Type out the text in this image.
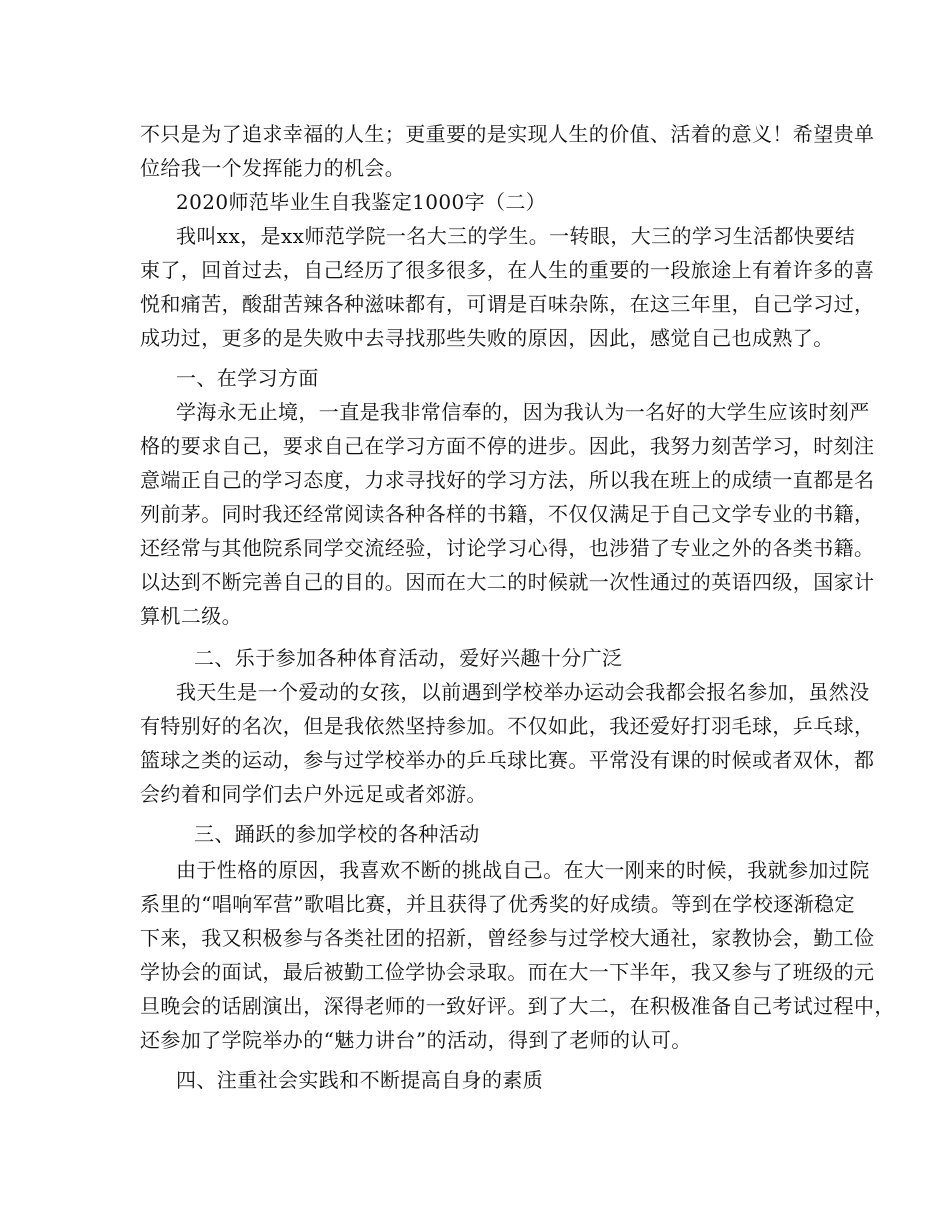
不只是为了追求幸福的人生；更重要的是实现人生的价值、活着的意义！希望贵单
位给我一个发挥能力的机会。
2020师范毕业生自我鉴定1000字（二）
我叫xx，是xx师范学院一名大三的学生。一转眼，大三的学习生活都快要结
束了，回首过去，自己经历了很多很多，在人生的重要的一段旅途上有着许多的喜
悦和痛苦，酸甜苦辣各种滋味都有，可谓是百味杂陈，在这三年里，自己学习过，
成功过，更多的是失败中去寻找那些失败的原因，因此，感觉自己也成熟了。
一、在学习方面
学海永无止境，一直是我非常信奉的，因为我认为一名好的大学生应该时刻严
格的要求自己，要求自己在学习方面不停的进步。因此，我努力刻苦学习，时刻注
意端正自己的学习态度，力求寻找好的学习方法，所以我在班上的成绩一直都是名
列前茅。同时我还经常阅读各种各样的书籍，不仅仅满足于自己文学专业的书籍，
还经常与其他院系同学交流经验，讨论学习心得，也涉猎了专业之外的各类书籍。
以达到不断完善自己的目的。因而在大二的时候就一次性通过的英语四级，国家计
算机二级。
二、乐于参加各种体育活动，爱好兴趣十分广泛
我天生是一个爱动的女孩，以前遇到学校举办运动会我都会报名参加，虽然没
有特别好的名次，但是我依然坚持参加。不仅如此，我还爱好打羽毛球，乒乓球，
篮球之类的运动，参与过学校举办的乒乓球比赛。平常没有课的时候或者双休，都
会约着和同学们去户外远足或者郊游。
三、踊跃的参加学校的各种活动
由于性格的原因，我喜欢不断的挑战自己。在大一刚来的时候，我就参加过院
系里的“唱响军营”歌唱比赛，并且获得了优秀奖的好成绩。等到在学校逐渐稳定
下来，我又积极参与各类社团的招新，曾经参与过学校大通社，家教协会，勤工俭
学协会的面试，最后被勤工俭学协会录取。而在大一下半年，我又参与了班级的元
旦晚会的话剧演出，深得老师的一致好评。到了大二，在积极准备自己考试过程中，
还参加了学院举办的“魅力讲台”的活动，得到了老师的认可。
四、注重社会实践和不断提高自身的素质
